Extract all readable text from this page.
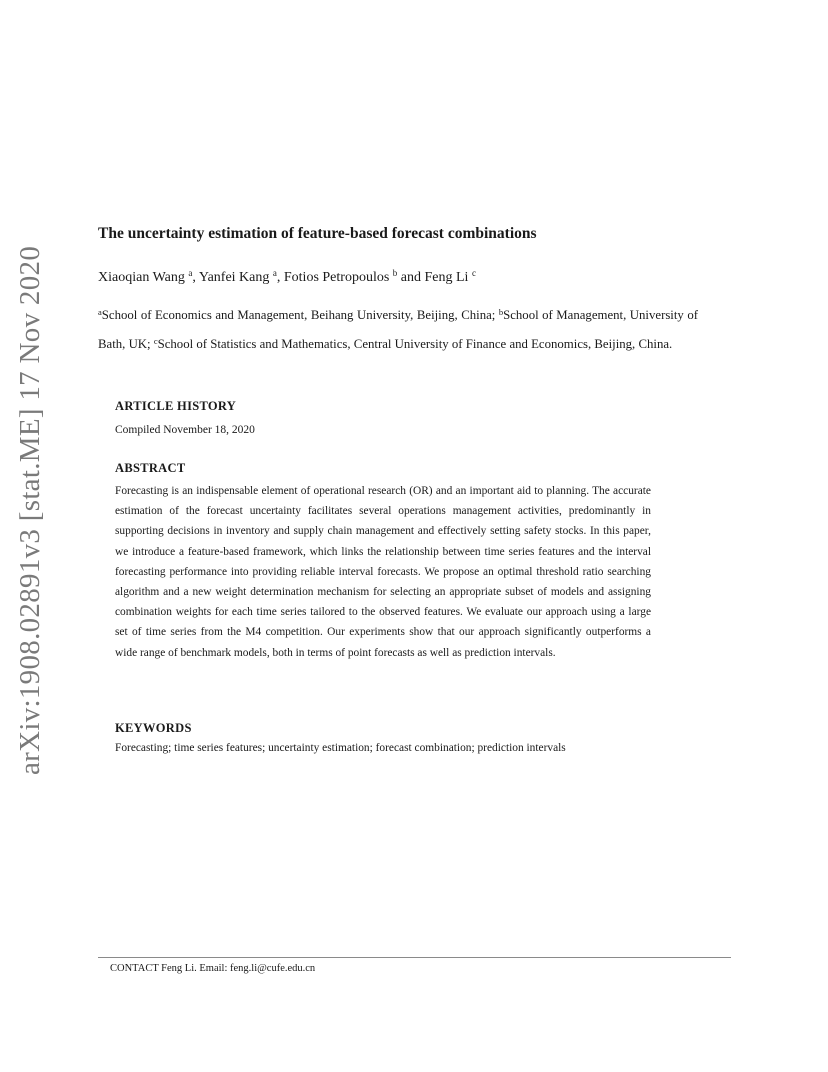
arXiv:1908.02891v3 [stat.ME] 17 Nov 2020
The uncertainty estimation of feature-based forecast combinations
Xiaoqian Wang $^a$, Yanfei Kang $^a$, Fotios Petropoulos $^b$ and Feng Li $^c$
$^a$School of Economics and Management, Beihang University, Beijing, China; $^b$School of Management, University of Bath, UK; $^c$School of Statistics and Mathematics, Central University of Finance and Economics, Beijing, China.
ARTICLE HISTORY
Compiled November 18, 2020
ABSTRACT
Forecasting is an indispensable element of operational research (OR) and an important aid to planning. The accurate estimation of the forecast uncertainty facilitates several operations management activities, predominantly in supporting decisions in inventory and supply chain management and effectively setting safety stocks. In this paper, we introduce a feature-based framework, which links the relationship between time series features and the interval forecasting performance into providing reliable interval forecasts. We propose an optimal threshold ratio searching algorithm and a new weight determination mechanism for selecting an appropriate subset of models and assigning combination weights for each time series tailored to the observed features. We evaluate our approach using a large set of time series from the M4 competition. Our experiments show that our approach significantly outperforms a wide range of benchmark models, both in terms of point forecasts as well as prediction intervals.
KEYWORDS
Forecasting; time series features; uncertainty estimation; forecast combination; prediction intervals
CONTACT Feng Li. Email: feng.li@cufe.edu.cn
